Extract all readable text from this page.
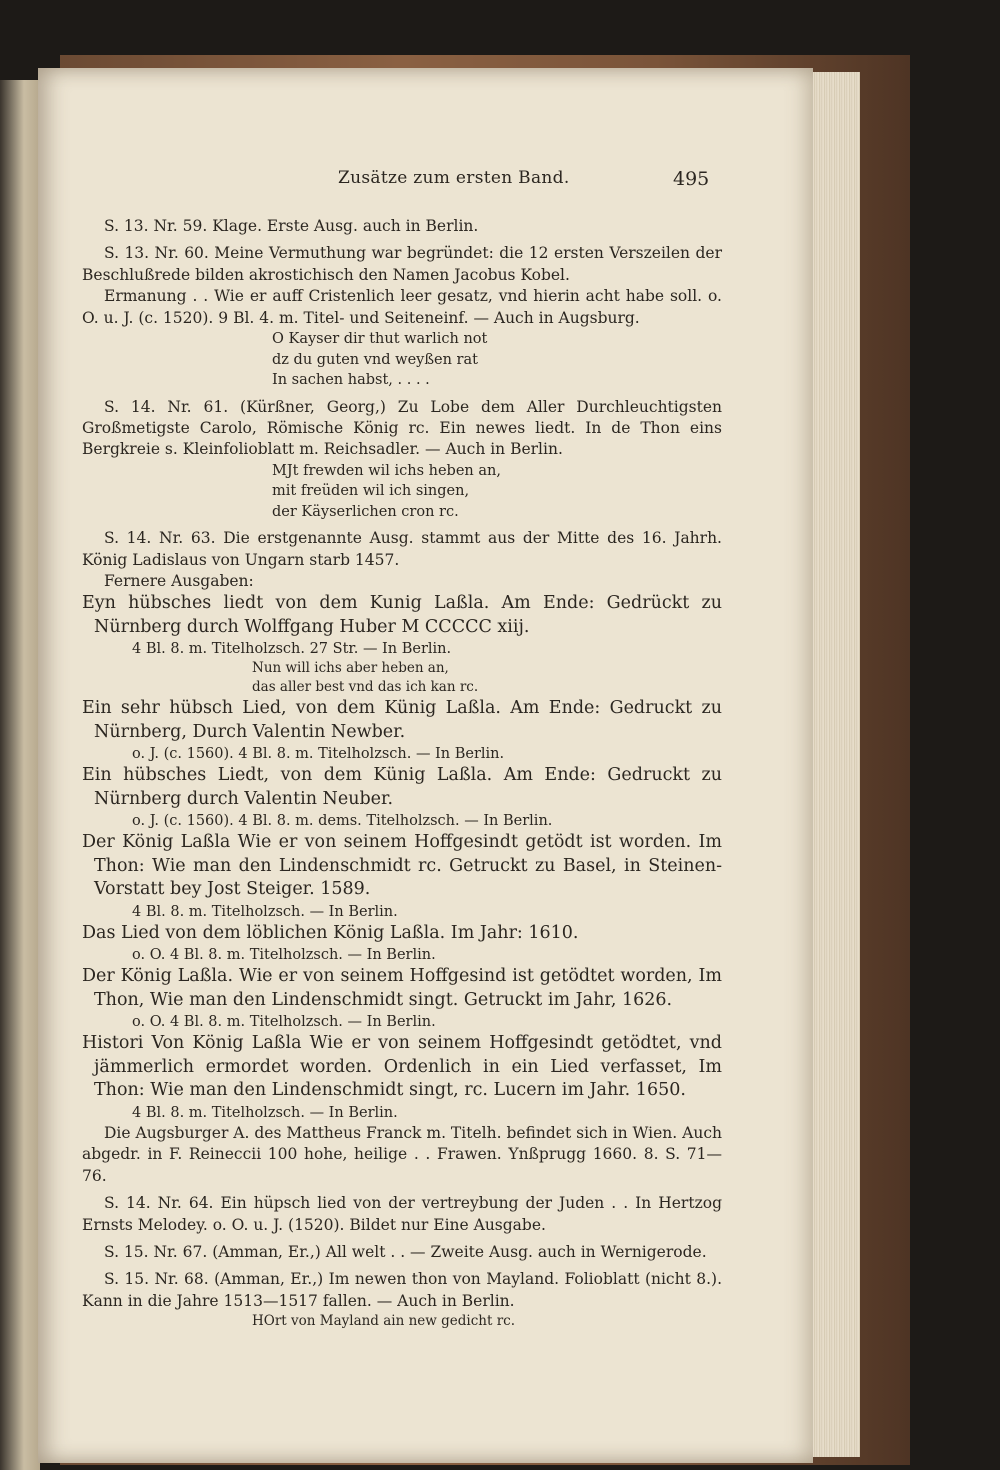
Zusätze zum ersten Band.	495

S. 13. Nr. 59. Klage. Erste Ausg. auch in Berlin.

S. 13. Nr. 60. Meine Vermuthung war begründet: die 12 ersten Verszeilen der Beschlußrede bilden akrostichisch den Namen Jacobus Kobel.

Ermanung . . Wie er auff Cristenlich leer gesatz, vnd hierin acht habe soll. o. O. u. J. (c. 1520). 9 Bl. 4. m. Titel- und Seiteneinf. — Auch in Augsburg.

O Kayser dir thut warlich not

dz du guten vnd weyßen rat

In sachen habst, . . . .

S. 14. Nr. 61. (Kürßner, Georg,) Zu Lobe dem Aller Durchleuchtigsten Großmetigste Carolo, Römische König rc. Ein newes liedt. In de Thon eins Bergkreie s. Kleinfolioblatt m. Reichsadler. — Auch in Berlin.

MJt frewden wil ichs heben an,

mit freüden wil ich singen,

der Käyserlichen cron rc.

S. 14. Nr. 63. Die erstgenannte Ausg. stammt aus der Mitte des 16. Jahrh. König Ladislaus von Ungarn starb 1457.

Fernere Ausgaben:

Eyn hübsches liedt von dem Kunig Laßla. Am Ende: Gedrückt zu Nürnberg durch Wolffgang Huber M CCCCC xiij.

4 Bl. 8. m. Titelholzsch. 27 Str. — In Berlin.

Nun will ichs aber heben an,

das aller best vnd das ich kan rc.

Ein sehr hübsch Lied, von dem Künig Laßla. Am Ende: Gedruckt zu Nürnberg, Durch Valentin Newber.

o. J. (c. 1560). 4 Bl. 8. m. Titelholzsch. — In Berlin.

Ein hübsches Liedt, von dem Künig Laßla. Am Ende: Gedruckt zu Nürnberg durch Valentin Neuber.

o. J. (c. 1560). 4 Bl. 8. m. dems. Titelholzsch. — In Berlin.

Der König Laßla Wie er von seinem Hoffgesindt getödt ist worden. Im Thon: Wie man den Lindenschmidt rc. Getruckt zu Basel, in Steinen-Vorstatt bey Jost Steiger. 1589.

4 Bl. 8. m. Titelholzsch. — In Berlin.

Das Lied von dem löblichen König Laßla. Im Jahr: 1610.

o. O. 4 Bl. 8. m. Titelholzsch. — In Berlin.

Der König Laßla. Wie er von seinem Hoffgesind ist getödtet worden, Im Thon, Wie man den Lindenschmidt singt. Getruckt im Jahr, 1626.

o. O. 4 Bl. 8. m. Titelholzsch. — In Berlin.

Histori Von König Laßla Wie er von seinem Hoffgesindt getödtet, vnd jämmerlich ermordet worden. Ordenlich in ein Lied verfasset, Im Thon: Wie man den Lindenschmidt singt, rc. Lucern im Jahr. 1650.

4 Bl. 8. m. Titelholzsch. — In Berlin.

Die Augsburger A. des Mattheus Franck m. Titelh. befindet sich in Wien. Auch abgedr. in F. Reineccii 100 hohe, heilige . . Frawen. Ynßprugg 1660. 8. S. 71—76.

S. 14. Nr. 64. Ein hüpsch lied von der vertreybung der Juden . . In Hertzog Ernsts Melodey. o. O. u. J. (1520). Bildet nur Eine Ausgabe.

S. 15. Nr. 67. (Amman, Er.,) All welt . . — Zweite Ausg. auch in Wernigerode.

S. 15. Nr. 68. (Amman, Er.,) Im newen thon von Mayland. Folioblatt (nicht 8.). Kann in die Jahre 1513—1517 fallen. — Auch in Berlin.

HOrt von Mayland ain new gedicht rc.
